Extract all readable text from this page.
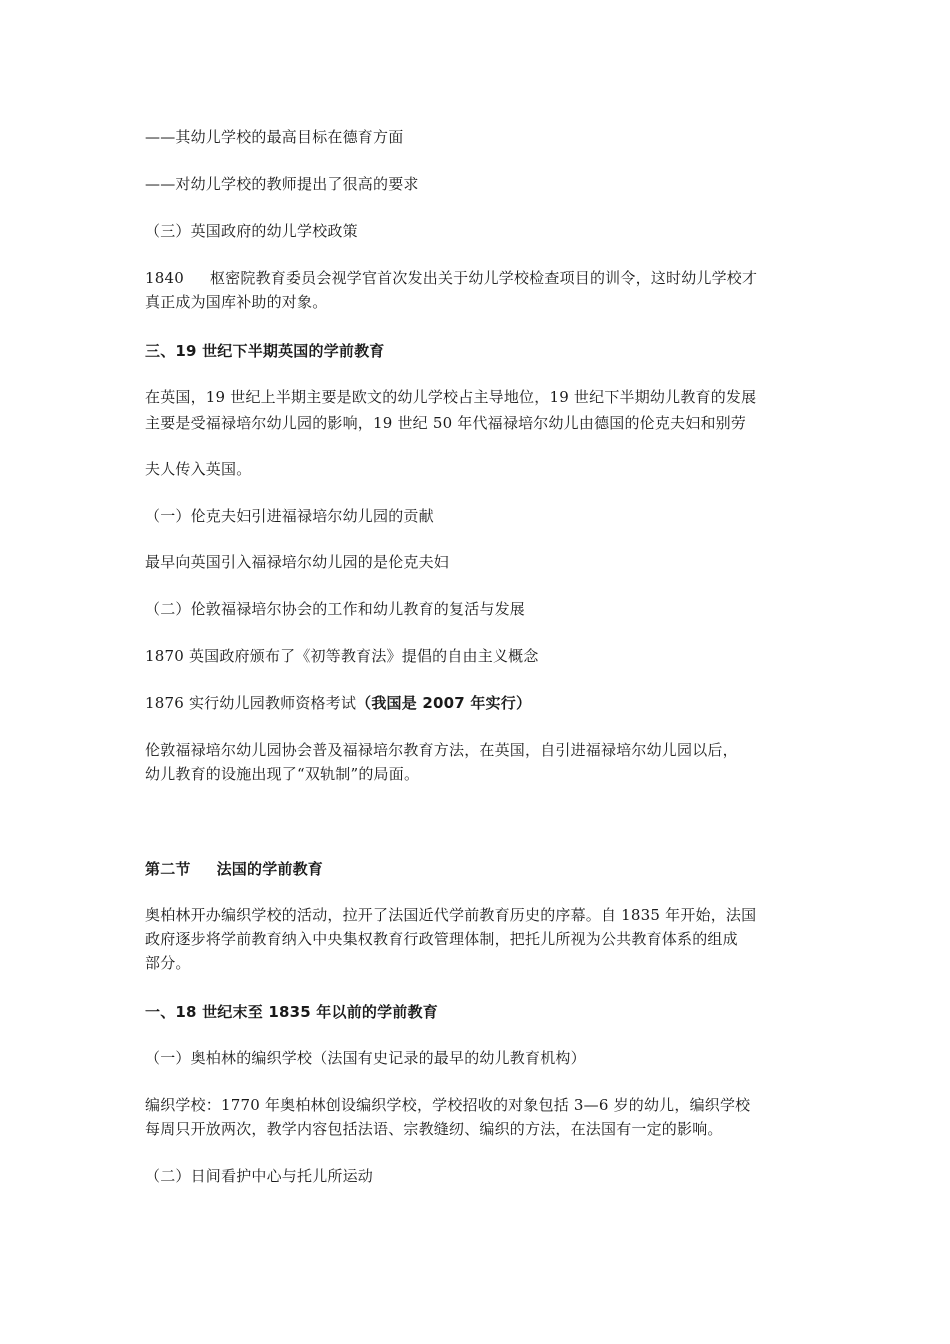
——其幼儿学校的最高目标在德育方面
——对幼儿学校的教师提出了很高的要求
（三）英国政府的幼儿学校政策
1840 枢密院教育委员会视学官首次发出关于幼儿学校检查项目的训令，这时幼儿学校才
真正成为国库补助的对象。
三、19 世纪下半期英国的学前教育
在英国，19 世纪上半期主要是欧文的幼儿学校占主导地位，19 世纪下半期幼儿教育的发展
主要是受福禄培尔幼儿园的影响，19 世纪 50 年代福禄培尔幼儿由德国的伦克夫妇和别劳
夫人传入英国。
（一）伦克夫妇引进福禄培尔幼儿园的贡献
最早向英国引入福禄培尔幼儿园的是伦克夫妇
（二）伦敦福禄培尔协会的工作和幼儿教育的复活与发展
1870 英国政府颁布了《初等教育法》提倡的自由主义概念
1876 实行幼儿园教师资格考试（我国是 2007 年实行）
伦敦福禄培尔幼儿园协会普及福禄培尔教育方法，在英国，自引进福禄培尔幼儿园以后，
幼儿教育的设施出现了“双轨制”的局面。
第二节 法国的学前教育
奥柏林开办编织学校的活动，拉开了法国近代学前教育历史的序幕。自 1835 年开始，法国
政府逐步将学前教育纳入中央集权教育行政管理体制，把托儿所视为公共教育体系的组成
部分。
一、18 世纪末至 1835 年以前的学前教育
（一）奥柏林的编织学校（法国有史记录的最早的幼儿教育机构）
编织学校：1770 年奥柏林创设编织学校，学校招收的对象包括 3—6 岁的幼儿，编织学校
每周只开放两次，教学内容包括法语、宗教缝纫、编织的方法，在法国有一定的影响。
（二）日间看护中心与托儿所运动
